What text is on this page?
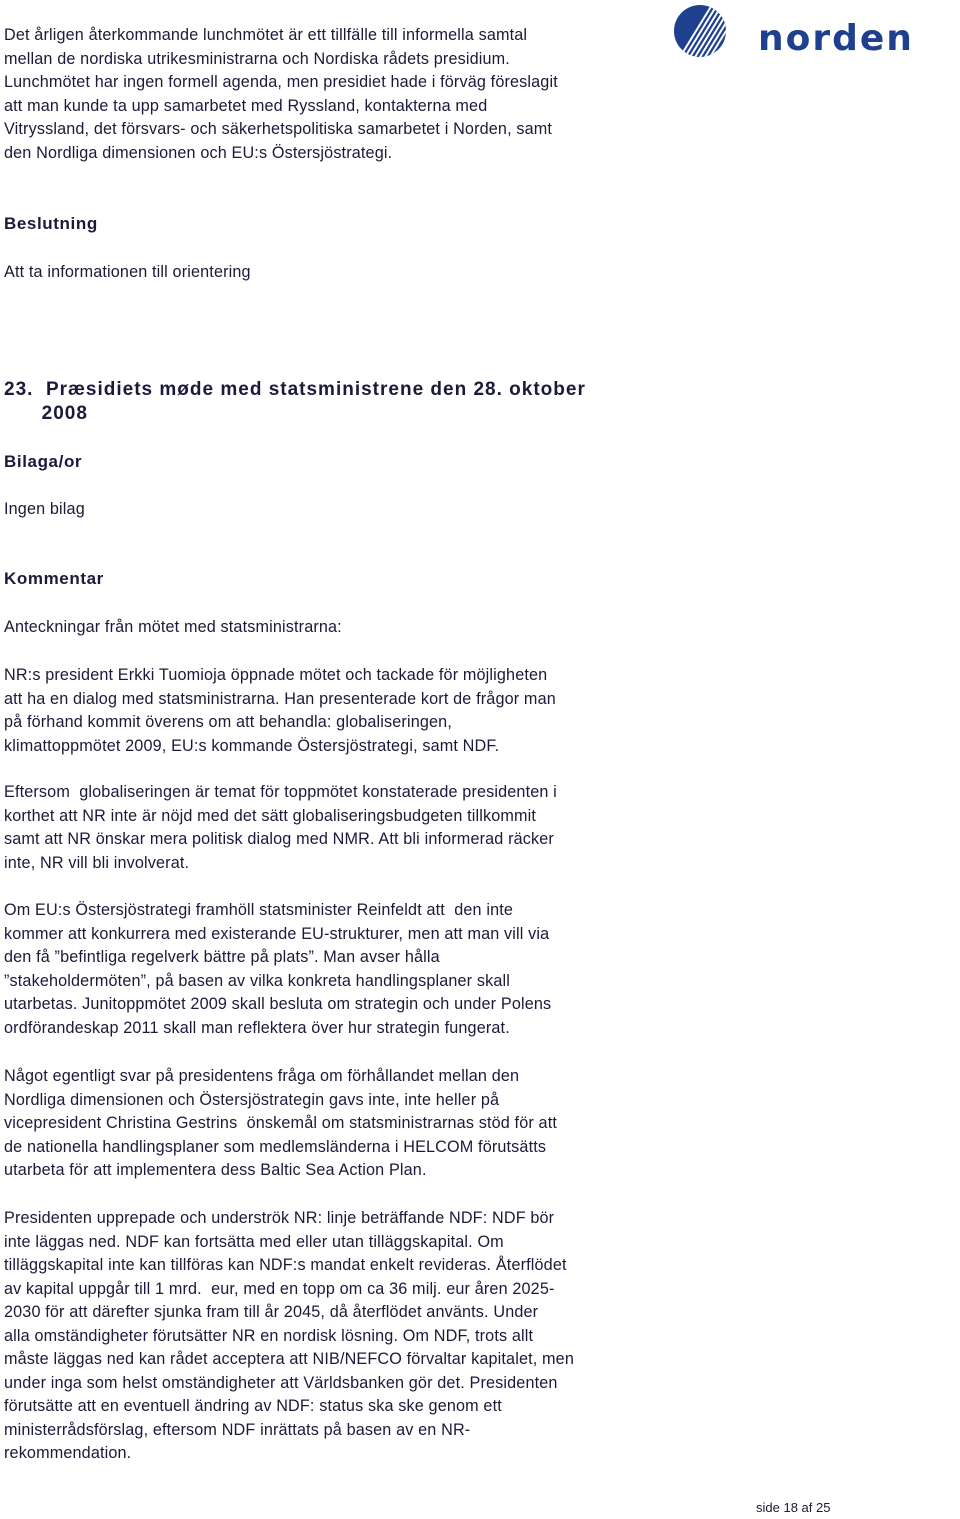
norden
Det årligen återkommande lunchmötet är ett tillfälle till informella samtal
mellan de nordiska utrikesministrarna och Nordiska rådets presidium.
Lunchmötet har ingen formell agenda, men presidiet hade i förväg föreslagit
att man kunde ta upp samarbetet med Ryssland, kontakterna med
Vitryssland, det försvars- och säkerhetspolitiska samarbetet i Norden, samt
den Nordliga dimensionen och EU:s Östersjöstrategi.
Beslutning
Att ta informationen till orientering
23.  Præsidiets møde med statsministrene den 28. oktober
2008
Bilaga/or
Ingen bilag
Kommentar
Anteckningar från mötet med statsministrarna:
NR:s president Erkki Tuomioja öppnade mötet och tackade för möjligheten
att ha en dialog med statsministrarna. Han presenterade kort de frågor man
på förhand kommit överens om att behandla: globaliseringen,
klimattoppmötet 2009, EU:s kommande Östersjöstrategi, samt NDF.
Eftersom  globaliseringen är temat för toppmötet konstaterade presidenten i
korthet att NR inte är nöjd med det sätt globaliseringsbudgeten tillkommit
samt att NR önskar mera politisk dialog med NMR. Att bli informerad räcker
inte, NR vill bli involverat.
Om EU:s Östersjöstrategi framhöll statsminister Reinfeldt att  den inte
kommer att konkurrera med existerande EU-strukturer, men att man vill via
den få ”befintliga regelverk bättre på plats”. Man avser hålla
”stakeholdermöten”, på basen av vilka konkreta handlingsplaner skall
utarbetas. Junitoppmötet 2009 skall besluta om strategin och under Polens
ordförandeskap 2011 skall man reflektera över hur strategin fungerat.
Något egentligt svar på presidentens fråga om förhållandet mellan den
Nordliga dimensionen och Östersjöstrategin gavs inte, inte heller på
vicepresident Christina Gestrins  önskemål om statsministrarnas stöd för att
de nationella handlingsplaner som medlemsländerna i HELCOM förutsätts
utarbeta för att implementera dess Baltic Sea Action Plan.
Presidenten upprepade och underströk NR: linje beträffande NDF: NDF bör
inte läggas ned. NDF kan fortsätta med eller utan tilläggskapital. Om
tilläggskapital inte kan tillföras kan NDF:s mandat enkelt revideras. Återflödet
av kapital uppgår till 1 mrd.  eur, med en topp om ca 36 milj. eur åren 2025-
2030 för att därefter sjunka fram till år 2045, då återflödet använts. Under
alla omständigheter förutsätter NR en nordisk lösning. Om NDF, trots allt
måste läggas ned kan rådet acceptera att NIB/NEFCO förvaltar kapitalet, men
under inga som helst omständigheter att Världsbanken gör det. Presidenten
förutsätte att en eventuell ändring av NDF: status ska ske genom ett
ministerrådsförslag, eftersom NDF inrättats på basen av en NR-
rekommendation.
side 18 af 25
